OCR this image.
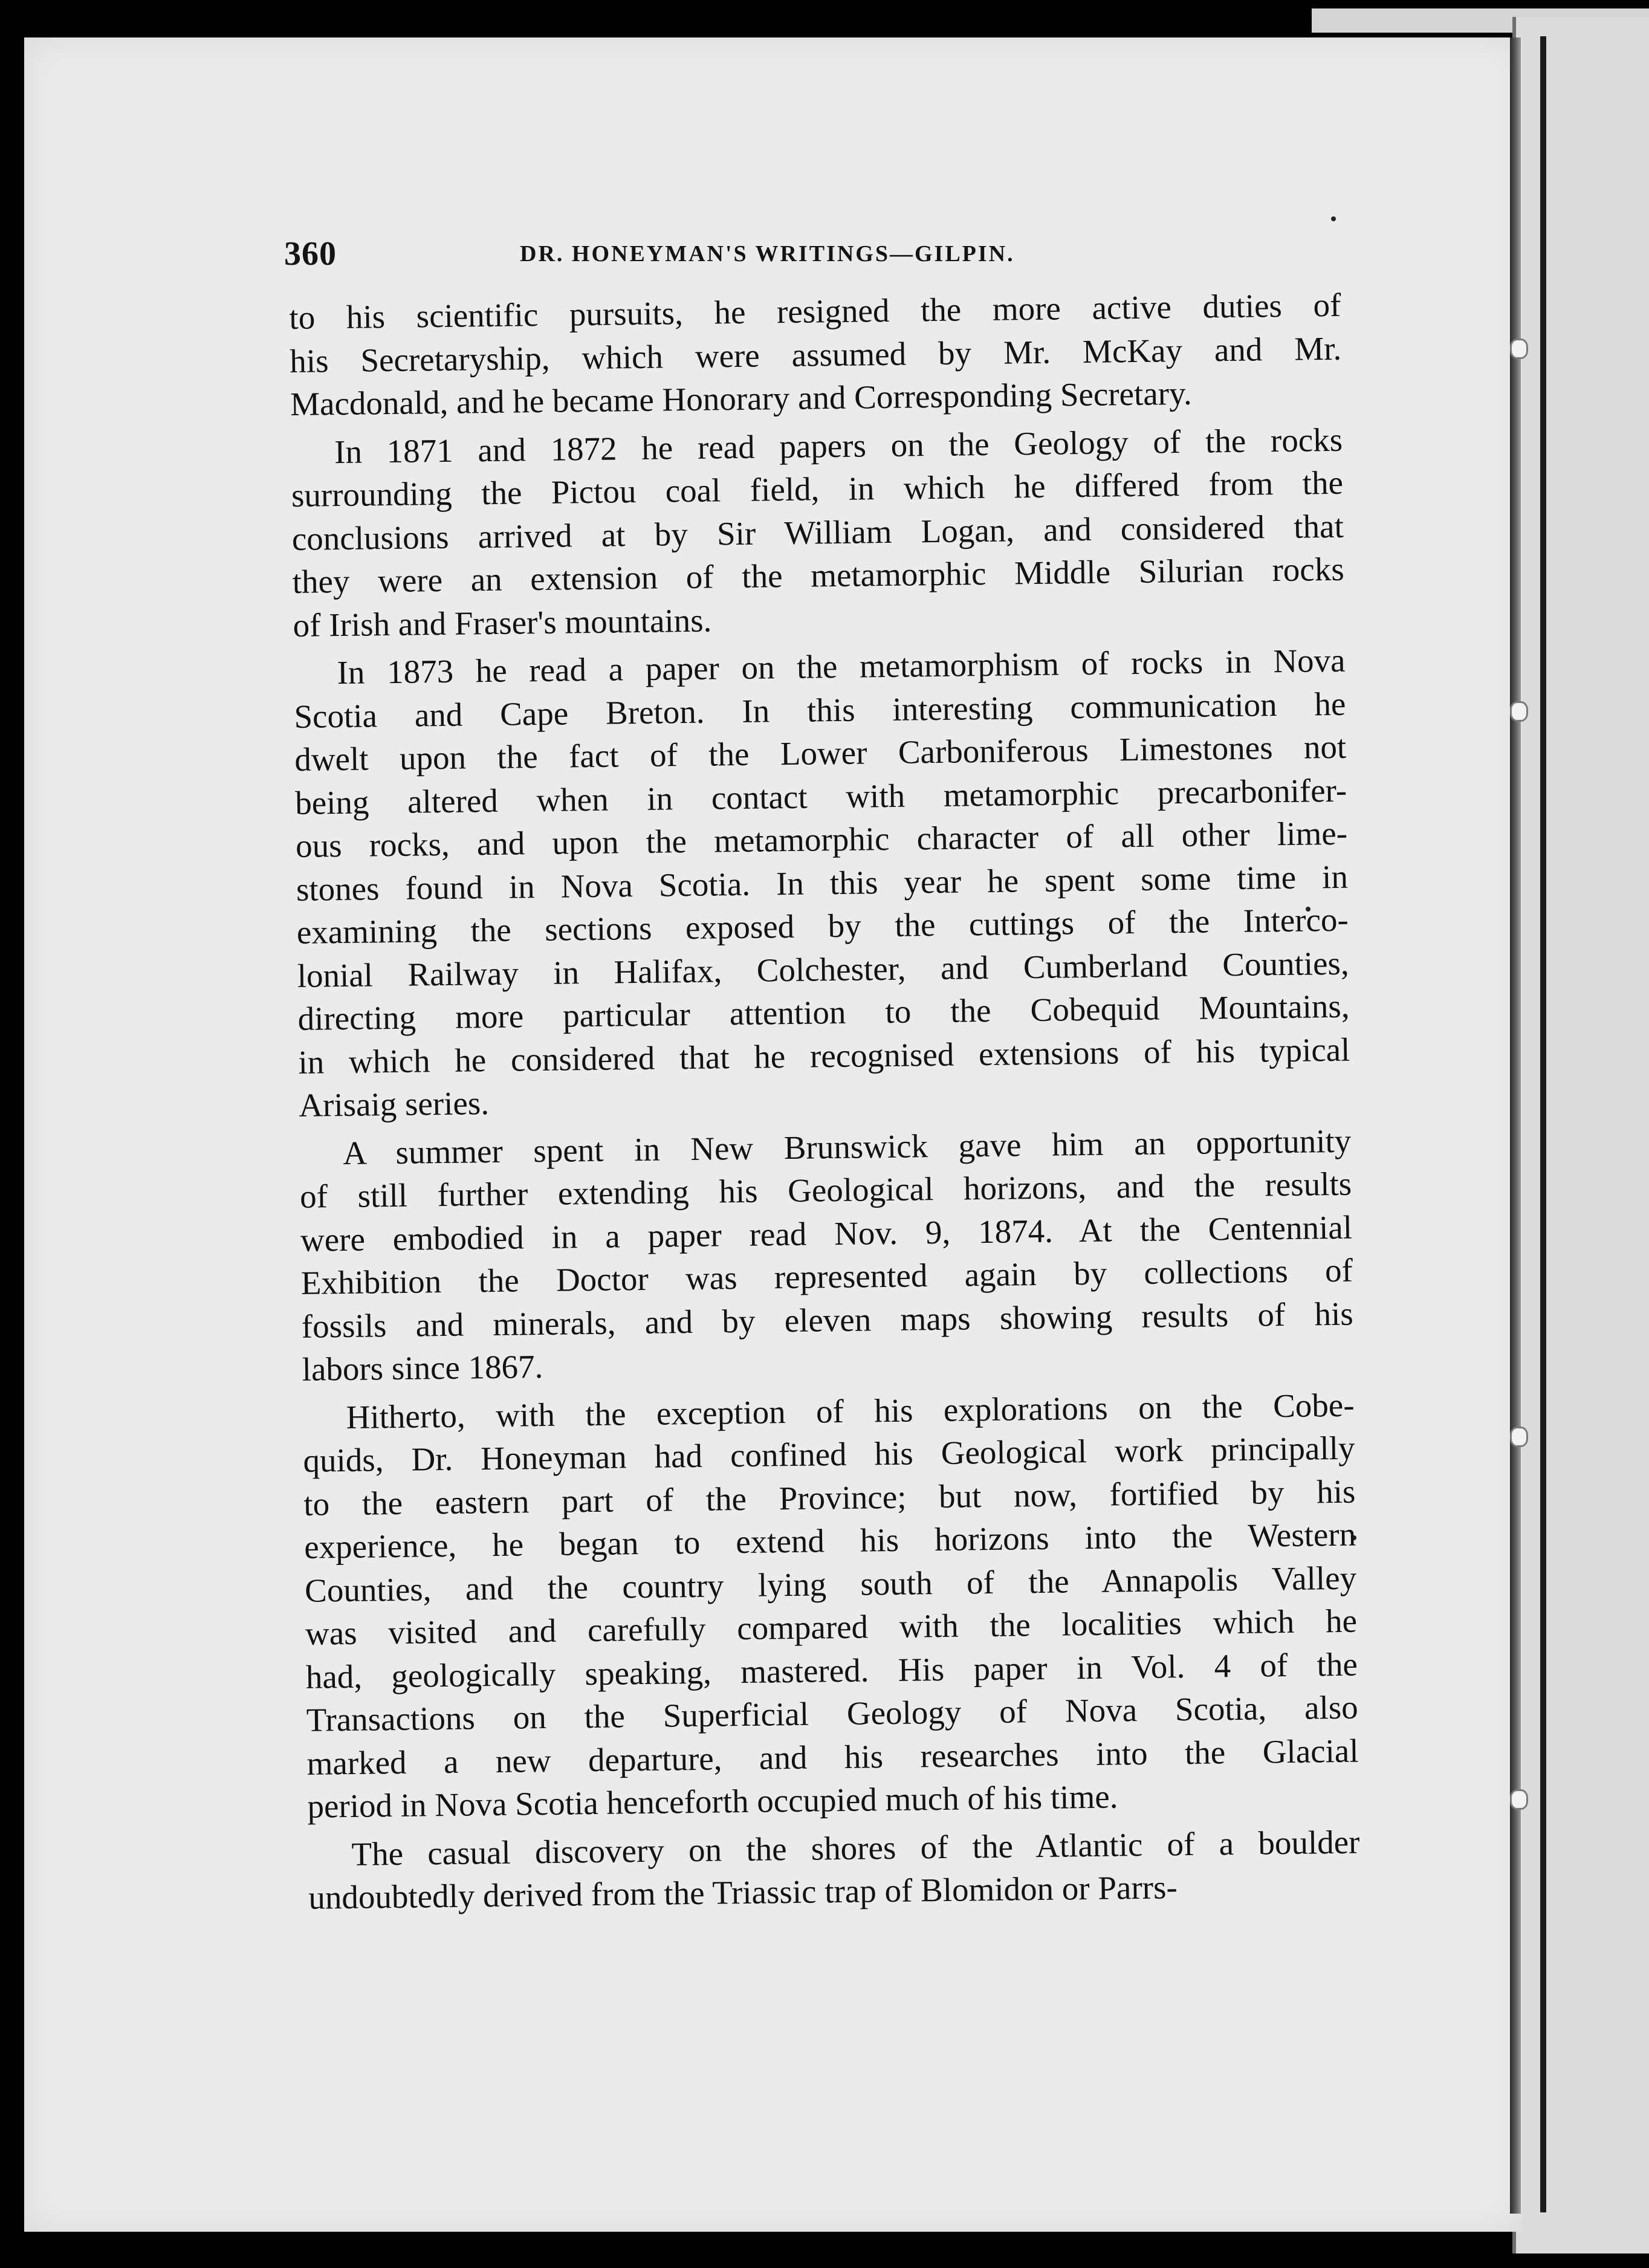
360	DR. HONEYMAN'S WRITINGS—GILPIN.
to his scientific pursuits, he resigned the more active duties of
his Secretaryship, which were assumed by Mr. McKay and Mr.
Macdonald, and he became Honorary and Corresponding Secretary.
In 1871 and 1872 he read papers on the Geology of the rocks
surrounding the Pictou coal field, in which he differed from the
conclusions arrived at by Sir William Logan, and considered that
they were an extension of the metamorphic Middle Silurian rocks
of Irish and Fraser's mountains.
In 1873 he read a paper on the metamorphism of rocks in Nova
Scotia and Cape Breton. In this interesting communication he
dwelt upon the fact of the Lower Carboniferous Limestones not
being altered when in contact with metamorphic precarbonifer-
ous rocks, and upon the metamorphic character of all other lime-
stones found in Nova Scotia. In this year he spent some time in
examining the sections exposed by the cuttings of the Interco-
lonial Railway in Halifax, Colchester, and Cumberland Counties,
directing more particular attention to the Cobequid Mountains,
in which he considered that he recognised extensions of his typical
Arisaig series.
A summer spent in New Brunswick gave him an opportunity
of still further extending his Geological horizons, and the results
were embodied in a paper read Nov. 9, 1874. At the Centennial
Exhibition the Doctor was represented again by collections of
fossils and minerals, and by eleven maps showing results of his
labors since 1867.
Hitherto, with the exception of his explorations on the Cobe-
quids, Dr. Honeyman had confined his Geological work principally
to the eastern part of the Province; but now, fortified by his
experience, he began to extend his horizons into the Western
Counties, and the country lying south of the Annapolis Valley
was visited and carefully compared with the localities which he
had, geologically speaking, mastered. His paper in Vol. 4 of the
Transactions on the Superficial Geology of Nova Scotia, also
marked a new departure, and his researches into the Glacial
period in Nova Scotia henceforth occupied much of his time.
The casual discovery on the shores of the Atlantic of a boulder
undoubtedly derived from the Triassic trap of Blomidon or Parrs-
